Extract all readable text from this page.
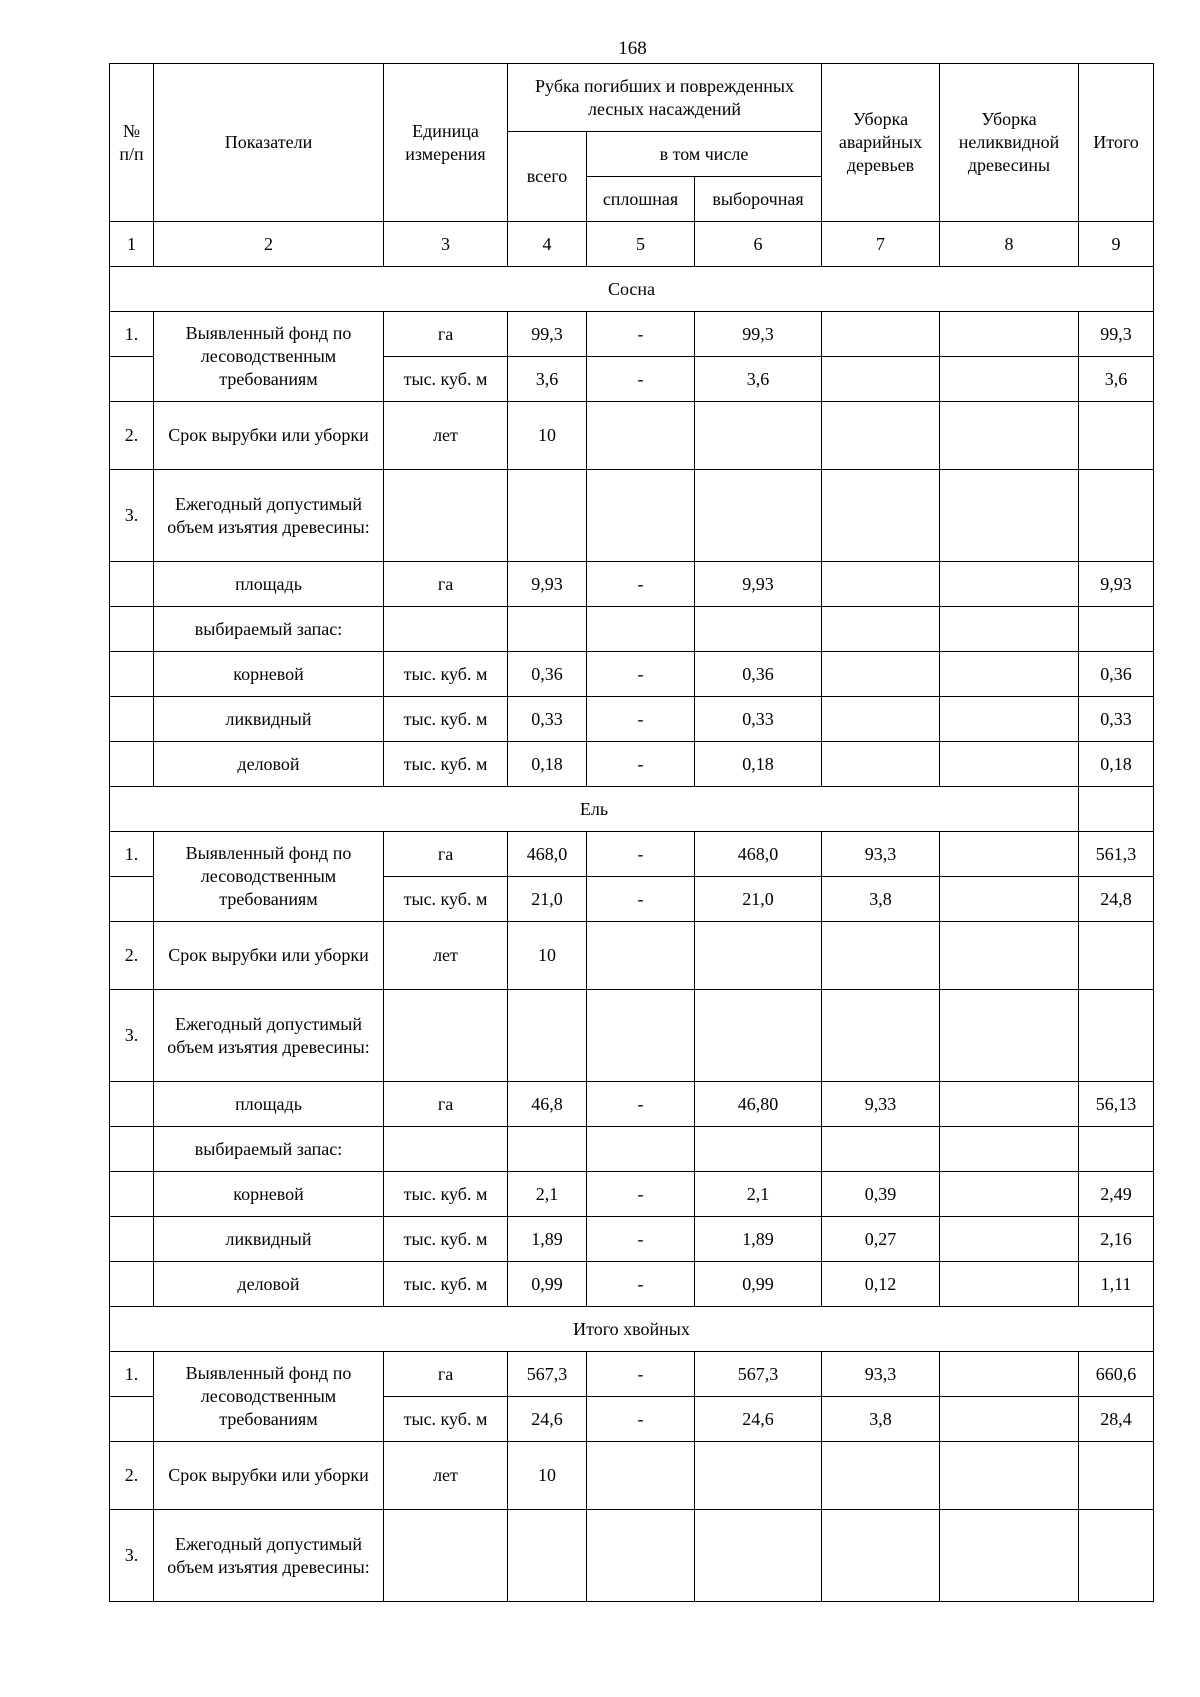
168
№ п/п	Показатели	Единица измерения	Рубка погибших и поврежденных лесных насаждений			Уборка аварийных деревьев	Уборка неликвидной древесины	Итого
			всего	в том числе				
				сплошная	выборочная			
1	2	3	4	5	6	7	8	9
Сосна								
1.	Выявленный фонд по лесоводственным требованиям	га	99,3	-	99,3			99,3
		тыс. куб. м	3,6	-	3,6			3,6
2.	Срок вырубки или уборки	лет	10					
3.	Ежегодный допустимый объем изъятия древесины:							
	площадь	га	9,93	-	9,93			9,93
	выбираемый запас:							
	корневой	тыс. куб. м	0,36	-	0,36			0,36
	ликвидный	тыс. куб. м	0,33	-	0,33			0,33
	деловой	тыс. куб. м	0,18	-	0,18			0,18
Ель								
1.	Выявленный фонд по лесоводственным требованиям	га	468,0	-	468,0	93,3		561,3
		тыс. куб. м	21,0	-	21,0	3,8		24,8
2.	Срок вырубки или уборки	лет	10					
3.	Ежегодный допустимый объем изъятия древесины:							
	площадь	га	46,8	-	46,80	9,33		56,13
	выбираемый запас:							
	корневой	тыс. куб. м	2,1	-	2,1	0,39		2,49
	ликвидный	тыс. куб. м	1,89	-	1,89	0,27		2,16
	деловой	тыс. куб. м	0,99	-	0,99	0,12		1,11
Итого хвойных								
1.	Выявленный фонд по лесоводственным требованиям	га	567,3	-	567,3	93,3		660,6
		тыс. куб. м	24,6	-	24,6	3,8		28,4
2.	Срок вырубки или уборки	лет	10					
3.	Ежегодный допустимый объем изъятия древесины:							
